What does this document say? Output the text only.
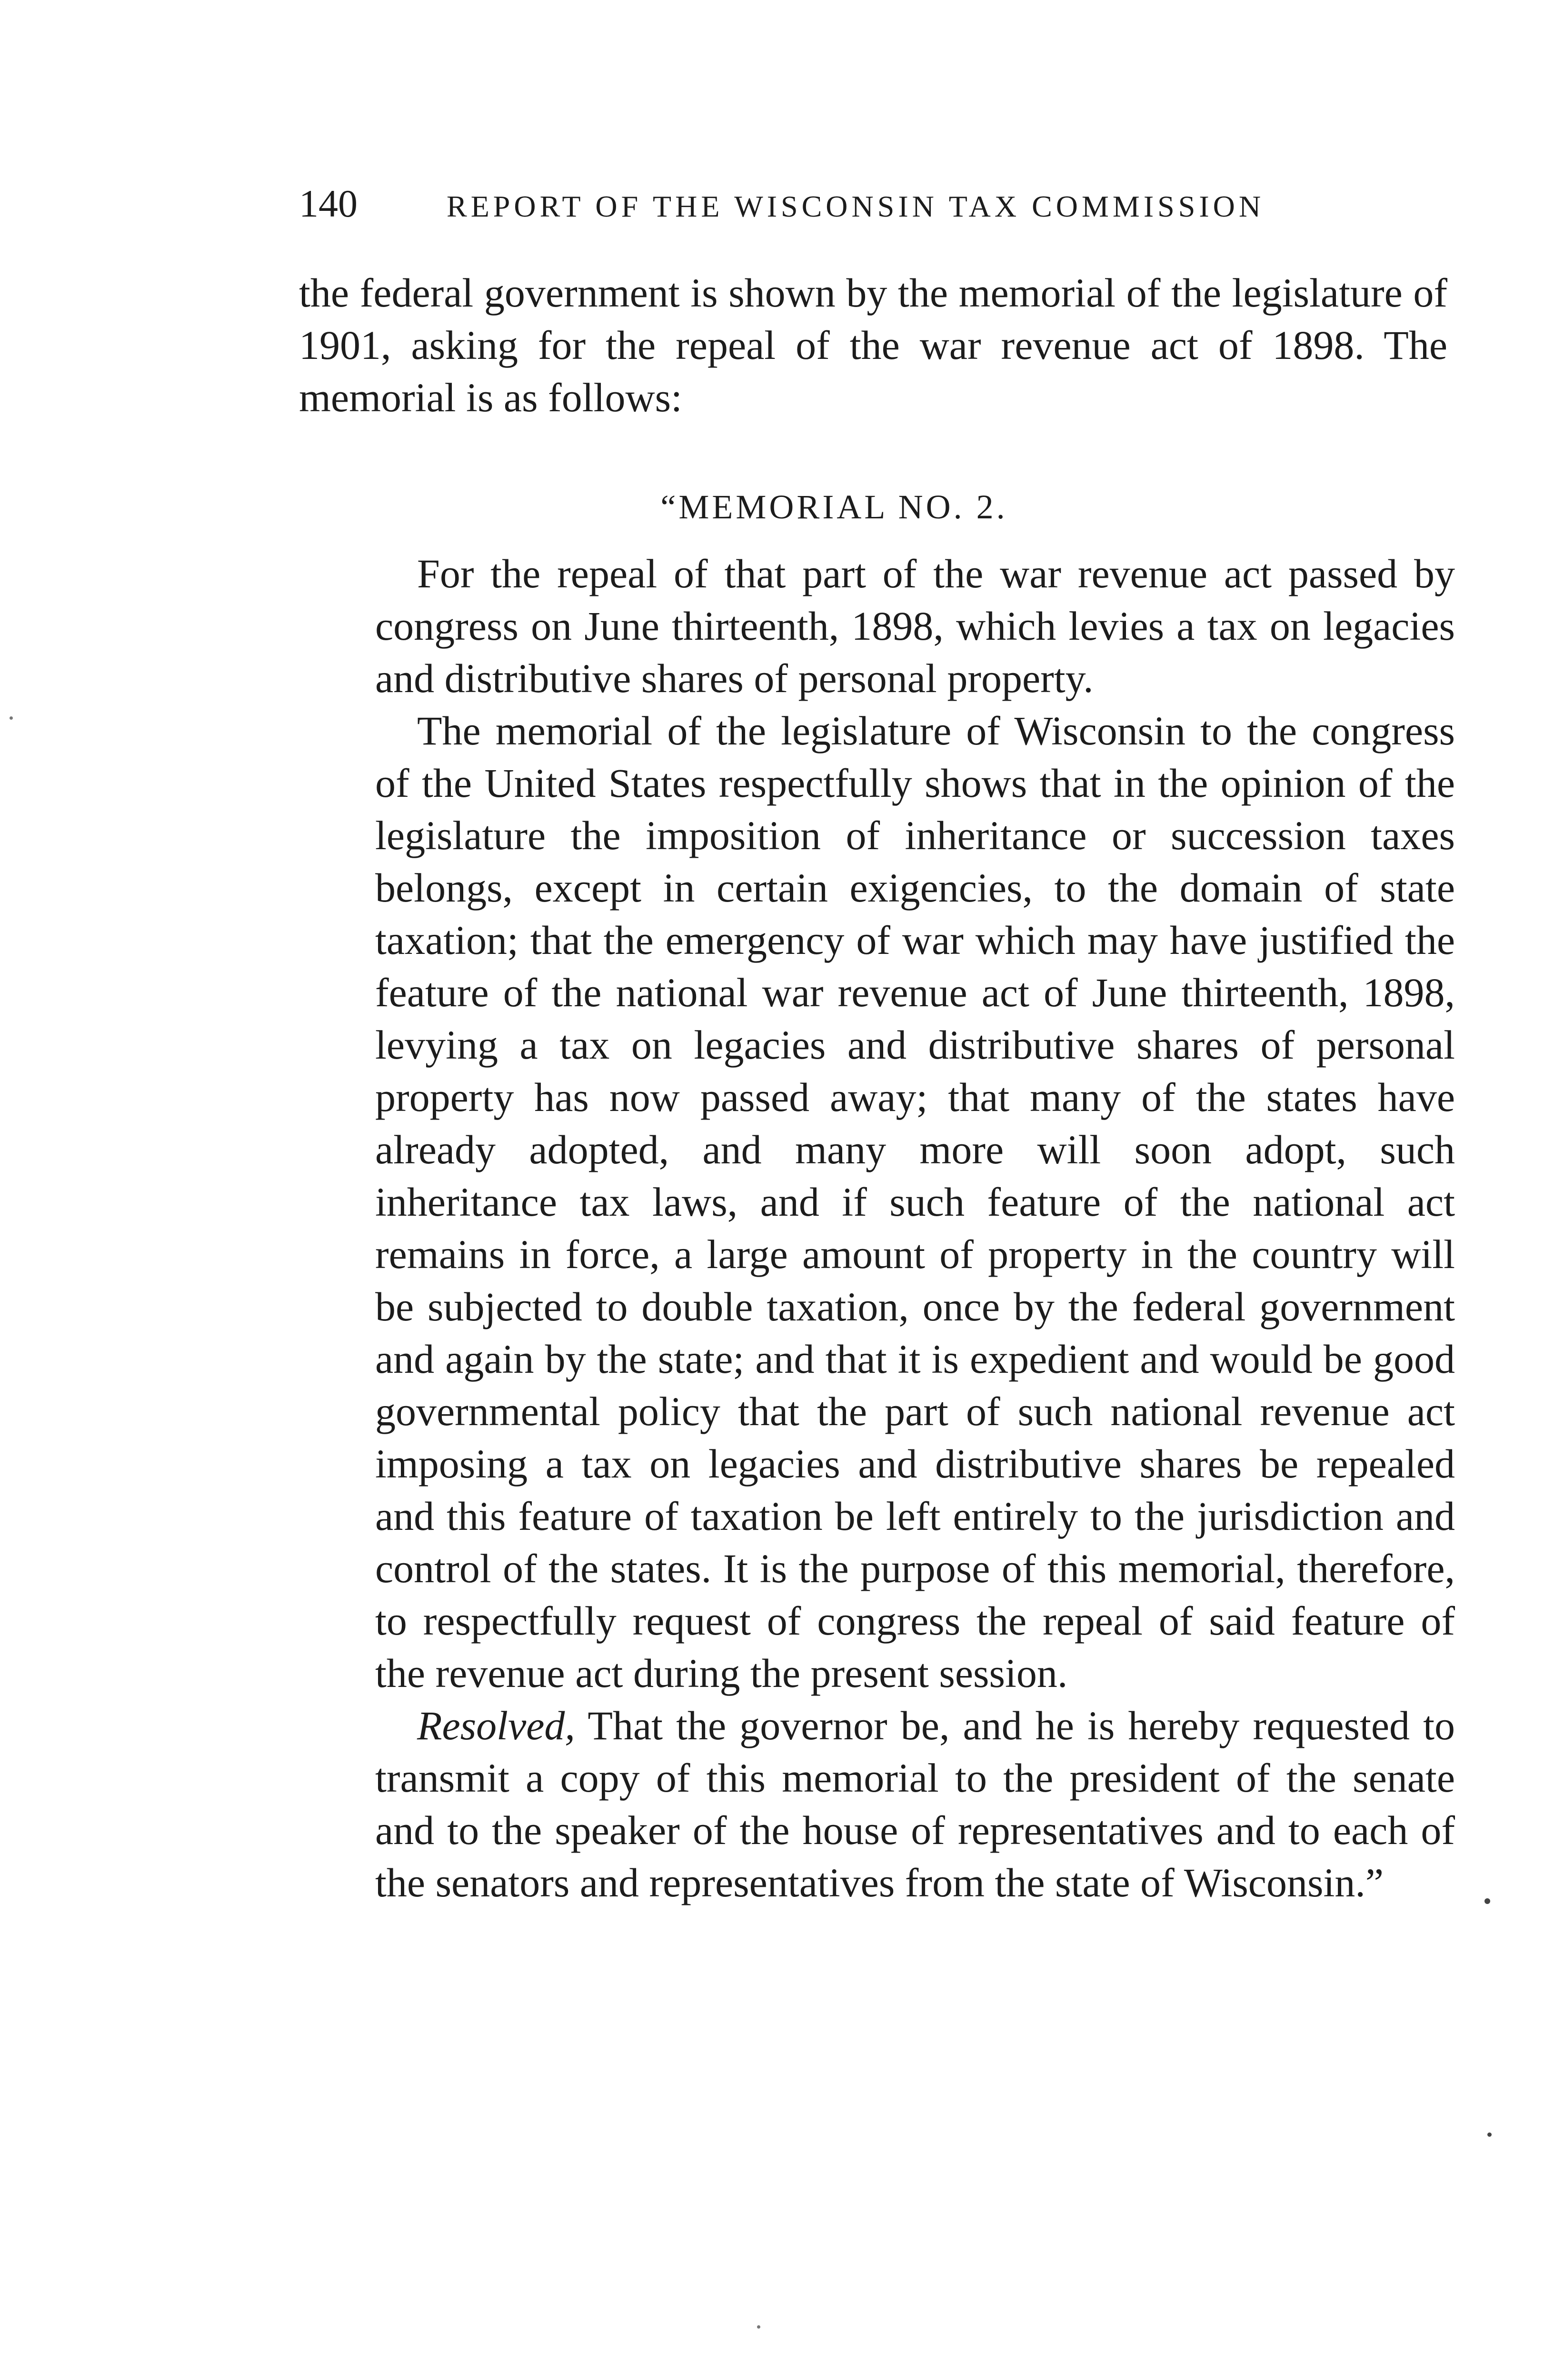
140	REPORT OF THE WISCONSIN TAX COMMISSION

the federal government is shown by the memorial of the legislature of 1901, asking for the repeal of the war revenue act of 1898. The memorial is as follows:

“MEMORIAL NO. 2.

For the repeal of that part of the war revenue act passed by congress on June thirteenth, 1898, which levies a tax on legacies and distributive shares of personal property.

The memorial of the legislature of Wisconsin to the congress of the United States respectfully shows that in the opinion of the legislature the imposition of inheritance or succession taxes belongs, except in certain exigencies, to the domain of state taxation; that the emergency of war which may have justified the feature of the national war revenue act of June thirteenth, 1898, levying a tax on legacies and distributive shares of personal property has now passed away; that many of the states have already adopted, and many more will soon adopt, such inheritance tax laws, and if such feature of the national act remains in force, a large amount of property in the country will be subjected to double taxation, once by the federal government and again by the state; and that it is expedient and would be good governmental policy that the part of such national revenue act imposing a tax on legacies and distributive shares be repealed and this feature of taxation be left entirely to the jurisdiction and control of the states. It is the purpose of this memorial, therefore, to respectfully request of congress the repeal of said feature of the revenue act during the present session.

Resolved, That the governor be, and he is hereby requested to transmit a copy of this memorial to the president of the senate and to the speaker of the house of representatives and to each of the senators and representatives from the state of Wisconsin.”
